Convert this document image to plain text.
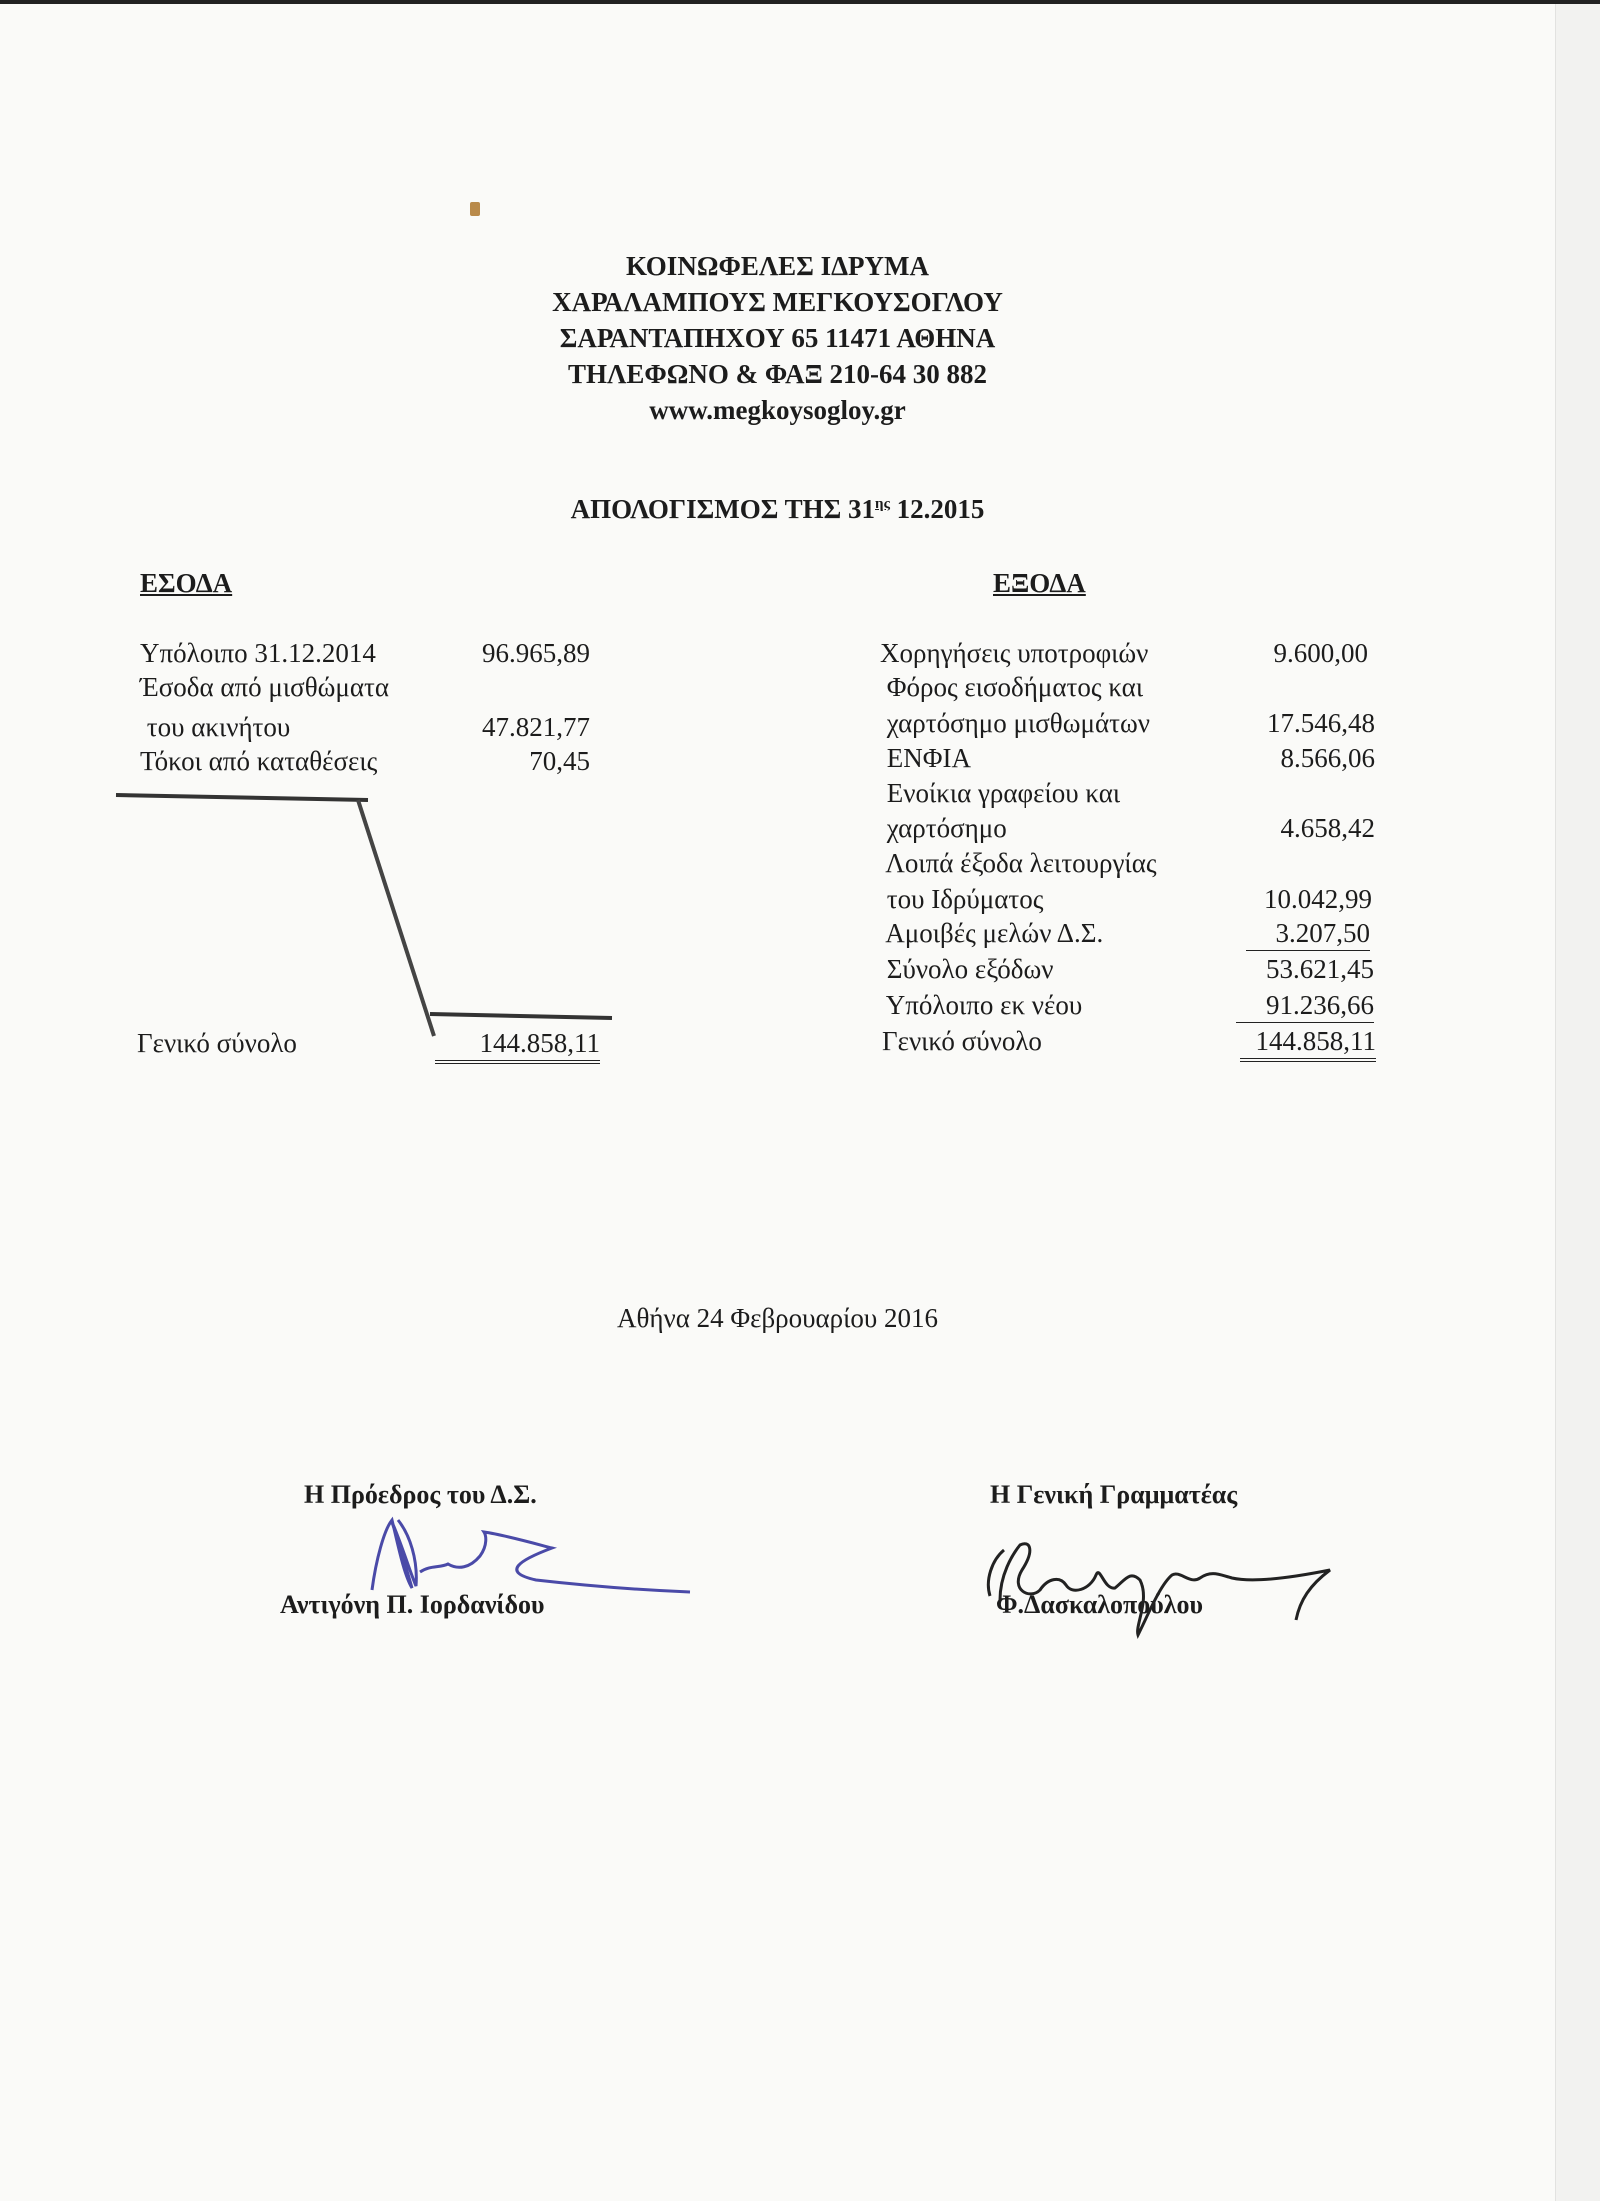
ΚΟΙΝΩΦΕΛΕΣ ΙΔΡΥΜΑ
ΧΑΡΑΛΑΜΠΟΥΣ ΜΕΓΚΟΥΣΟΓΛΟΥ
ΣΑΡΑΝΤΑΠΗΧΟΥ 65 11471 ΑΘΗΝΑ
ΤΗΛΕΦΩΝΟ & ΦΑΞ 210-64 30 882
www.megkoysogloy.gr
ΑΠΟΛΟΓΙΣΜΟΣ ΤΗΣ $31^{\eta\varsigma}$ 12.2015
ΕΣΟΔΑ
Υπόλοιπο 31.12.2014	96.965,89
Έσοδα από μισθώματα
του ακινήτου	47.821,77
Τόκοι από καταθέσεις	70,45
Γενικό σύνολο	144.858,11
ΕΞΟΔΑ
Χορηγήσεις υποτροφιών	9.600,00
Φόρος εισοδήματος και
χαρτόσημο μισθωμάτων	17.546,48
ΕΝΦΙΑ	8.566,06
Ενοίκια γραφείου και
χαρτόσημο	4.658,42
Λοιπά έξοδα λειτουργίας
του Ιδρύματος	10.042,99
Αμοιβές μελών Δ.Σ.	3.207,50
Σύνολο εξόδων	53.621,45
Υπόλοιπο εκ νέου	91.236,66
Γενικό σύνολο	144.858,11
Αθήνα 24 Φεβρουαρίου 2016
Η Πρόεδρος του Δ.Σ.
Αντιγόνη Π. Ιορδανίδου
Η Γενική Γραμματέας
Φ.Δασκαλοπούλου
